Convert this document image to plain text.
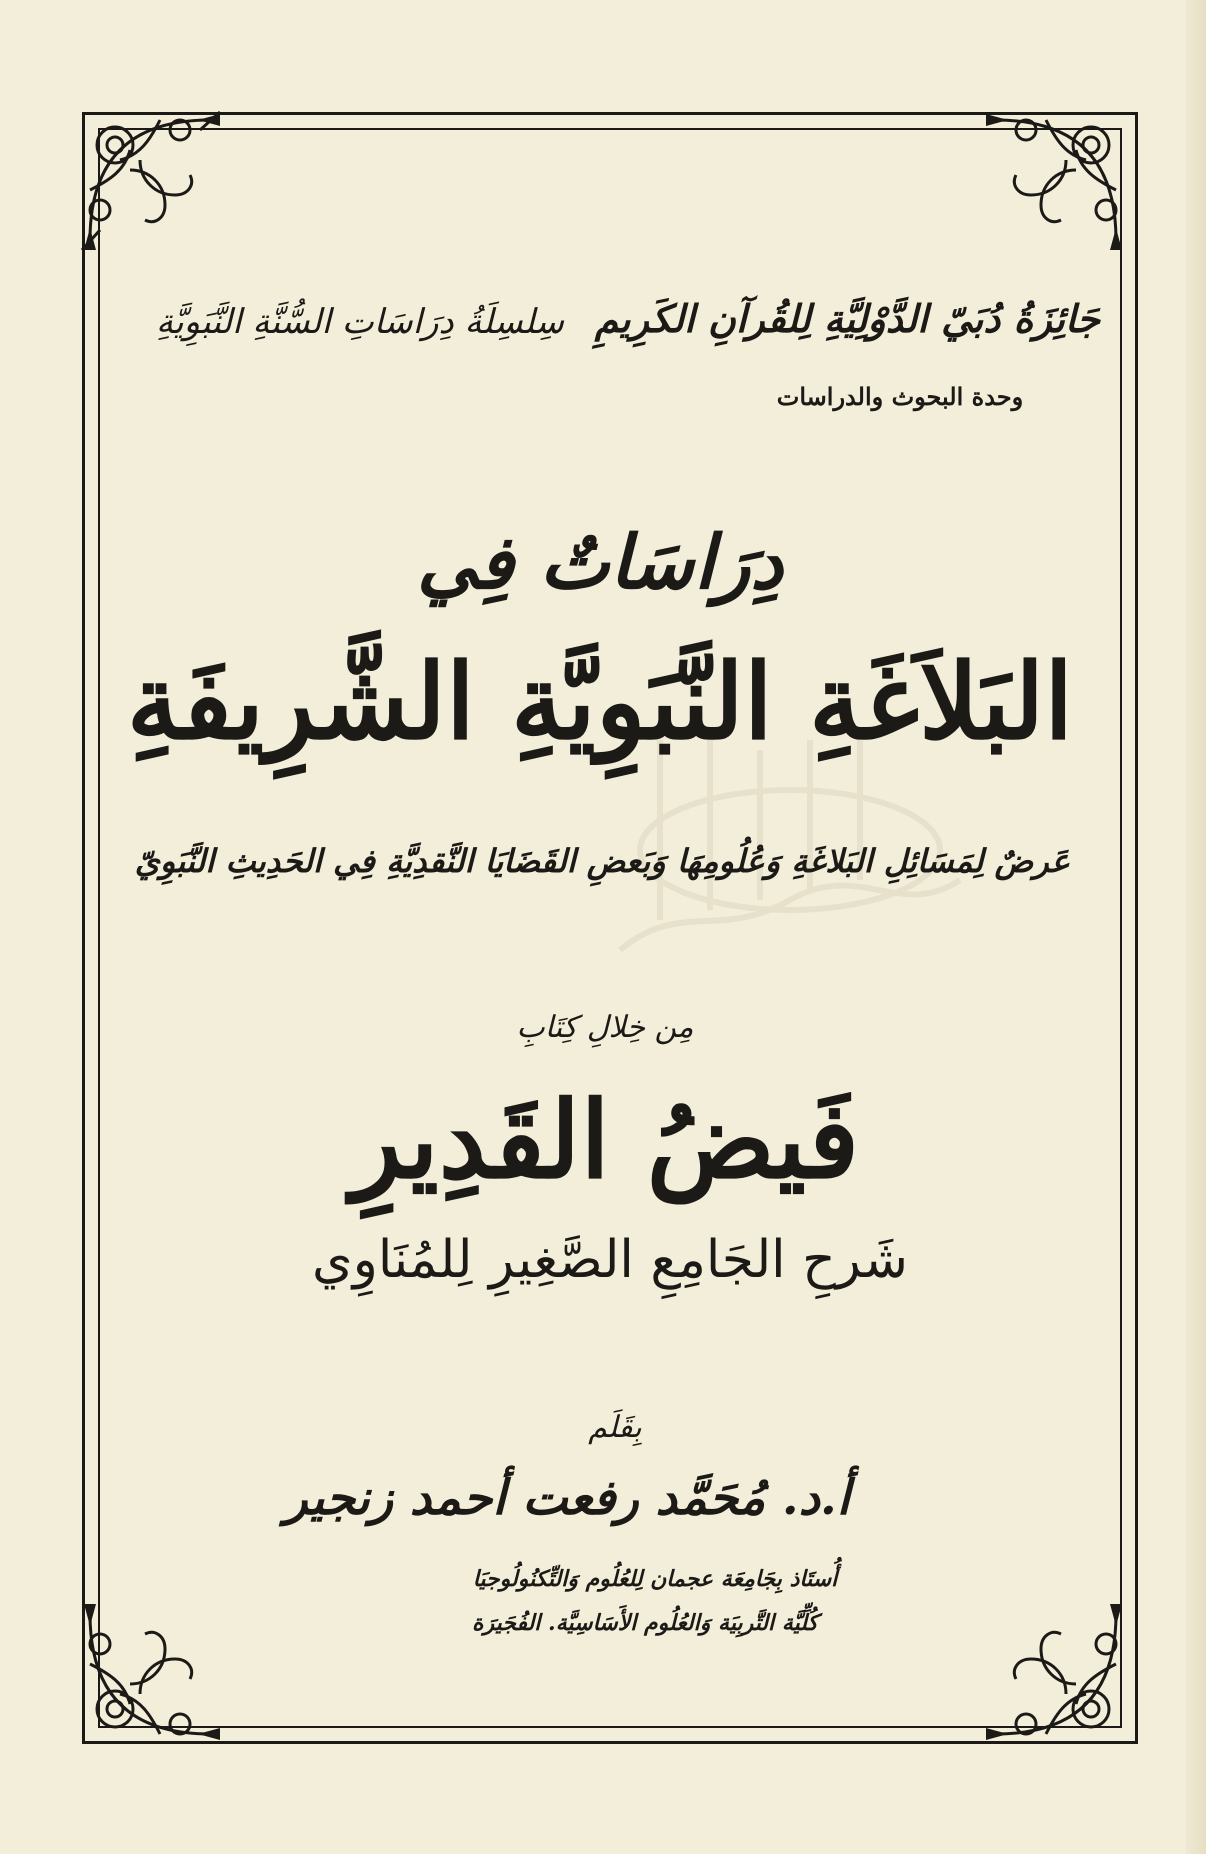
سِلسِلَةُ دِرَاسَاتِ السُّنَّةِ النَّبَوِيَّةِ جَائِزَةُ دُبَيّ الدَّوْلِيَّةِ لِلقُرآنِ الكَرِيمِ
وحدة البحوث والدراسات
دِرَاسَاتٌ فِي
البَلاَغَةِ النَّبَوِيَّةِ الشَّرِيفَةِ
عَرضٌ لِمَسَائِلِ البَلاغَةِ وَعُلُومِهَا وَبَعضِ القَضَايَا النَّقدِيَّةِ فِي الحَدِيثِ النَّبَوِيّ
مِن خِلالِ كِتَابِ
فَيضُ القَدِيرِ
شَرحِ الجَامِعِ الصَّغِيرِ لِلمُنَاوِي
بِقَلَم
أ.د. مُحَمَّد رفعت أحمد زنجير
أُستَاذ بِجَامِعَة عجمان لِلعُلُوم وَالتِّكنُولُوجيَا
كُلِّيَّة التَّربِيَة وَالعُلُوم الأَسَاسِيَّة. الفُجَيرَة
